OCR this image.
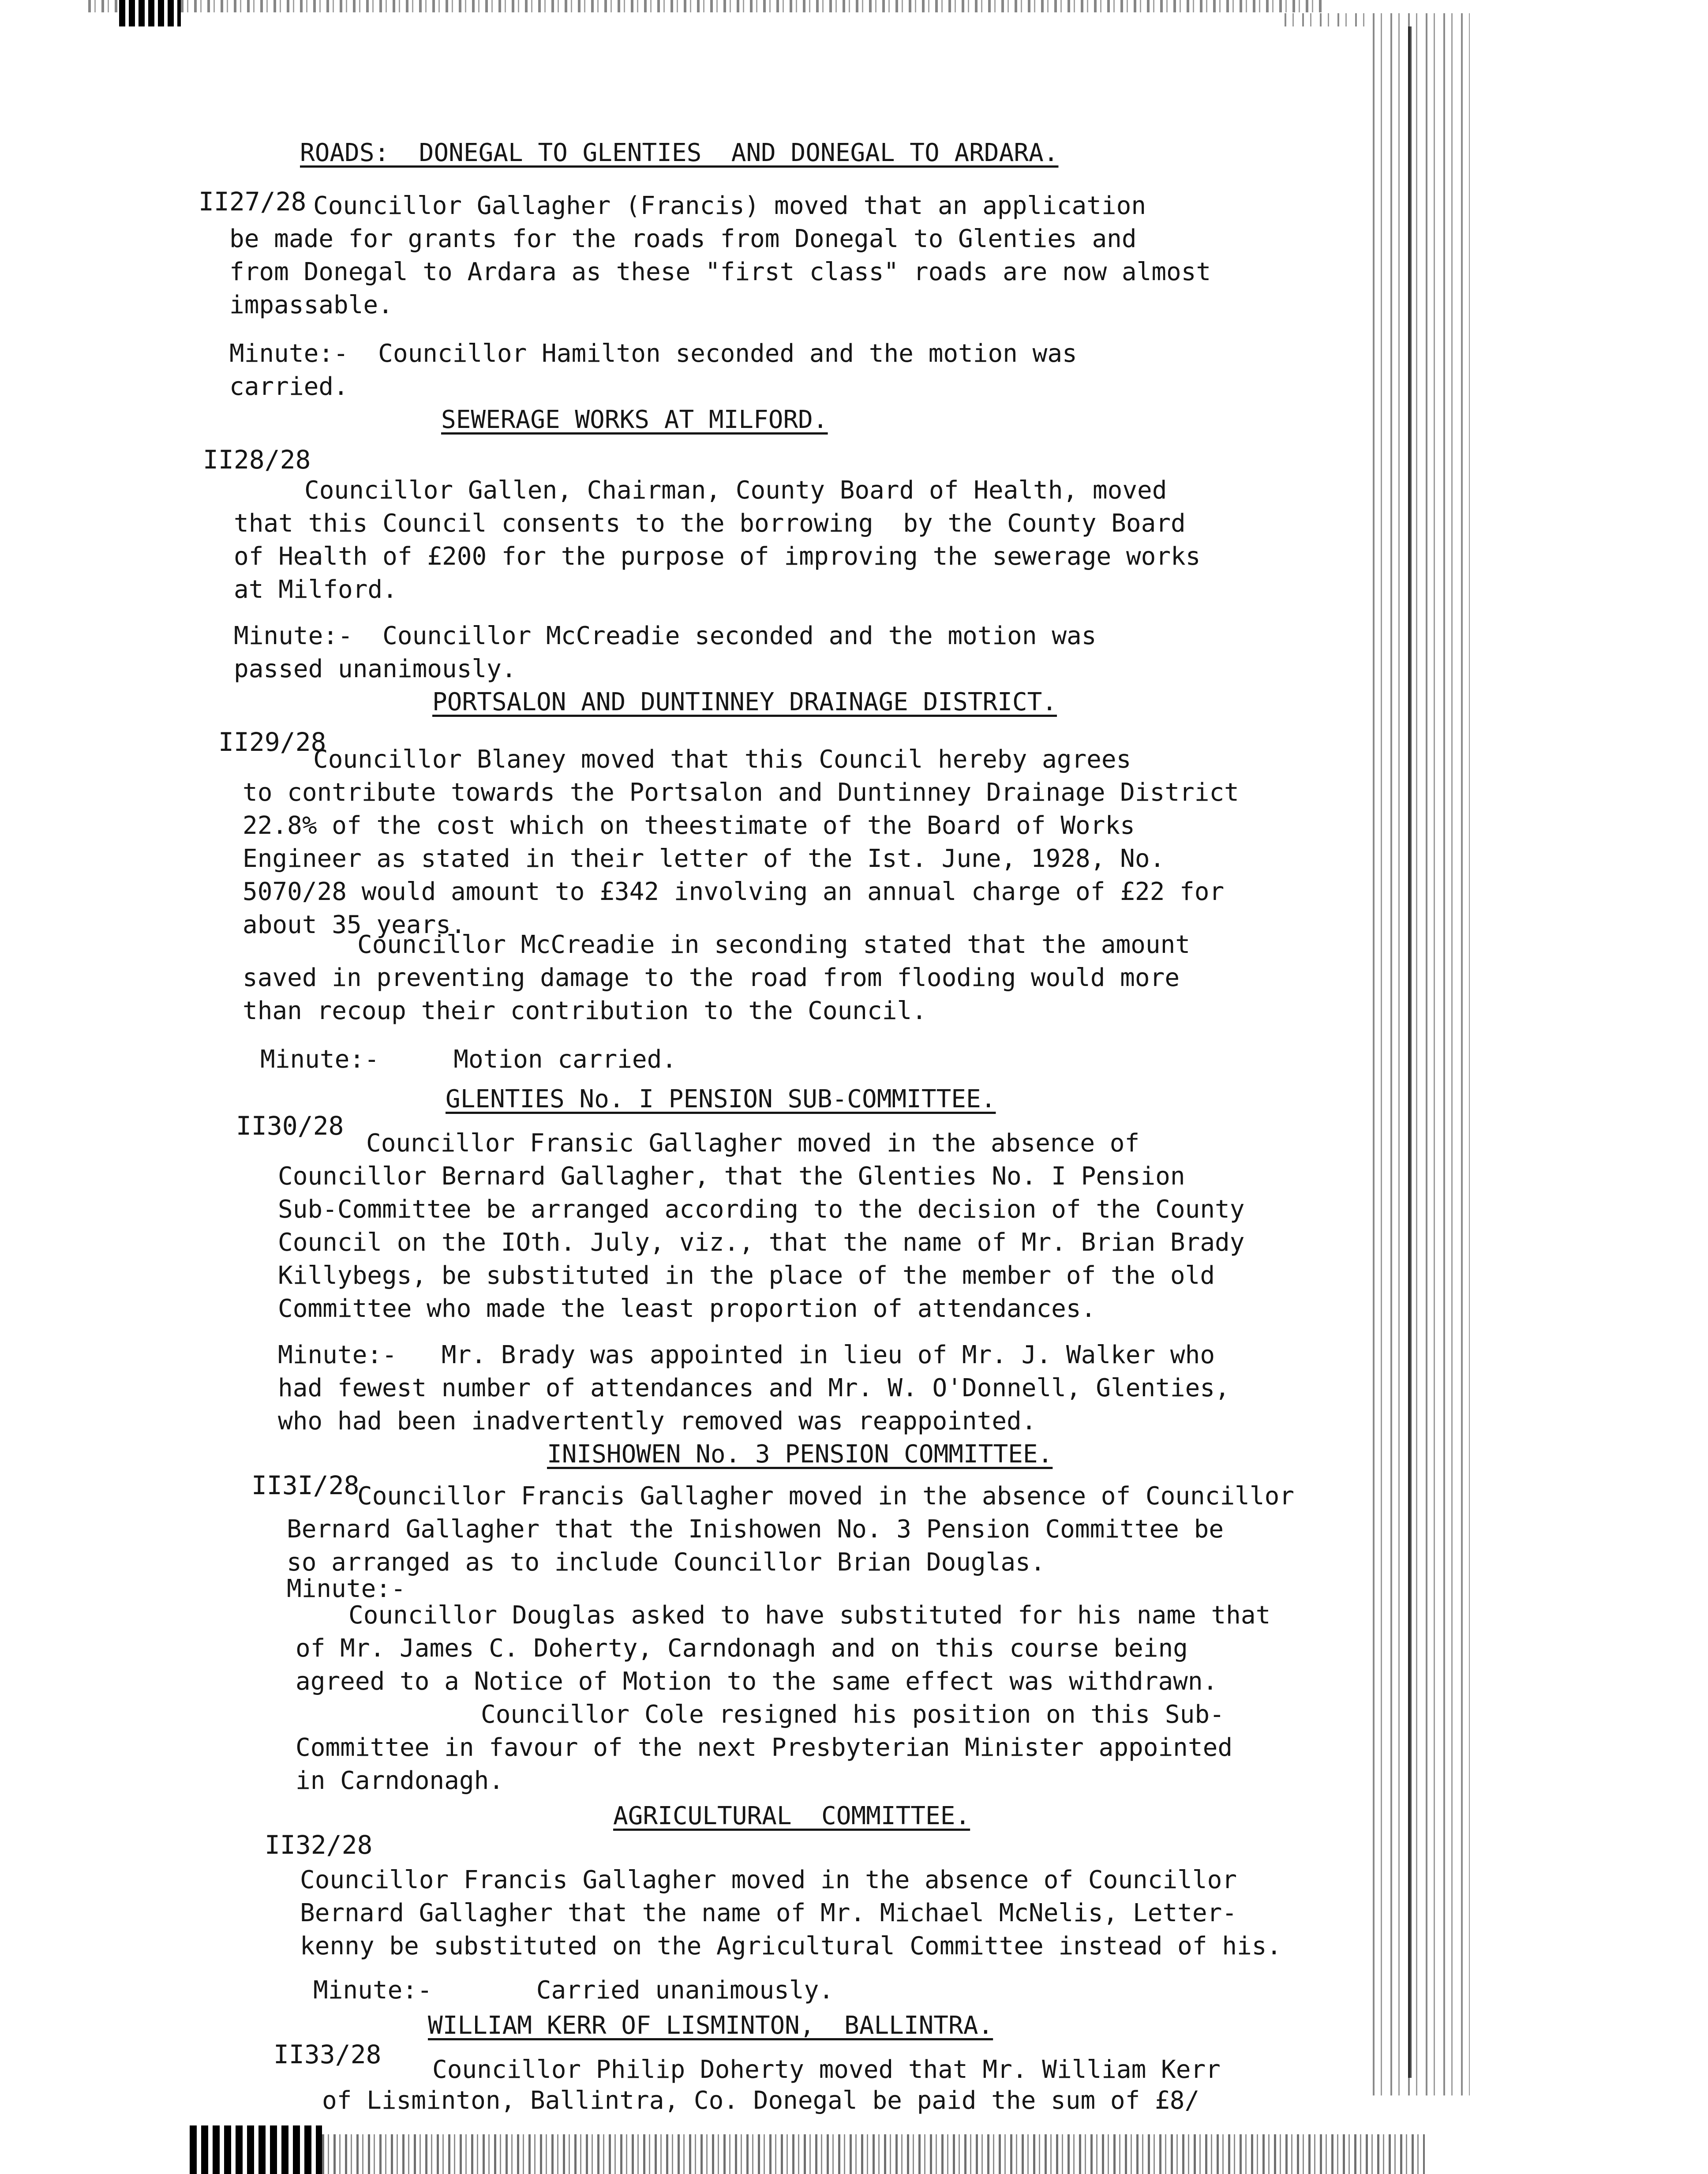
ROADS:  DONEGAL TO GLENTIES  AND DONEGAL TO ARDARA.
II27/28 Councillor Gallagher (Francis) moved that an application
be made for grants for the roads from Donegal to Glenties and
from Donegal to Ardara as these "first class" roads are now almost
impassable.
Minute:-  Councillor Hamilton seconded and the motion was
carried.
SEWERAGE WORKS AT MILFORD.
II28/28
Councillor Gallen, Chairman, County Board of Health, moved
that this Council consents to the borrowing  by the County Board
of Health of £200 for the purpose of improving the sewerage works
at Milford.
Minute:-  Councillor McCreadie seconded and the motion was
passed unanimously.
PORTSALON AND DUNTINNEY DRAINAGE DISTRICT.
II29/28
Councillor Blaney moved that this Council hereby agrees
to contribute towards the Portsalon and Duntinney Drainage District
22.8% of the cost which on theestimate of the Board of Works
Engineer as stated in their letter of the Ist. June, 1928, No.
5070/28 would amount to £342 involving an annual charge of £22 for
about 35 years.
Councillor McCreadie in seconding stated that the amount
saved in preventing damage to the road from flooding would more
than recoup their contribution to the Council.
Minute:-     Motion carried.
GLENTIES No. I PENSION SUB-COMMITTEE.
II30/28
Councillor Fransic Gallagher moved in the absence of
Councillor Bernard Gallagher, that the Glenties No. I Pension
Sub-Committee be arranged according to the decision of the County
Council on the IOth. July, viz., that the name of Mr. Brian Brady
Killybegs, be substituted in the place of the member of the old
Committee who made the least proportion of attendances.
Minute:-   Mr. Brady was appointed in lieu of Mr. J. Walker who
had fewest number of attendances and Mr. W. O'Donnell, Glenties,
who had been inadvertently removed was reappointed.
INISHOWEN No. 3 PENSION COMMITTEE.
II3I/28
Councillor Francis Gallagher moved in the absence of Councillor
Bernard Gallagher that the Inishowen No. 3 Pension Committee be
so arranged as to include Councillor Brian Douglas.
Minute:-
Councillor Douglas asked to have substituted for his name that
of Mr. James C. Doherty, Carndonagh and on this course being
agreed to a Notice of Motion to the same effect was withdrawn.
Councillor Cole resigned his position on this Sub-
Committee in favour of the next Presbyterian Minister appointed
in Carndonagh.
AGRICULTURAL  COMMITTEE.
II32/28
Councillor Francis Gallagher moved in the absence of Councillor
Bernard Gallagher that the name of Mr. Michael McNelis, Letter-
kenny be substituted on the Agricultural Committee instead of his.
Minute:-       Carried unanimously.
WILLIAM KERR OF LISMINTON,  BALLINTRA.
II33/28
Councillor Philip Doherty moved that Mr. William Kerr
of Lisminton, Ballintra, Co. Donegal be paid the sum of £8/
